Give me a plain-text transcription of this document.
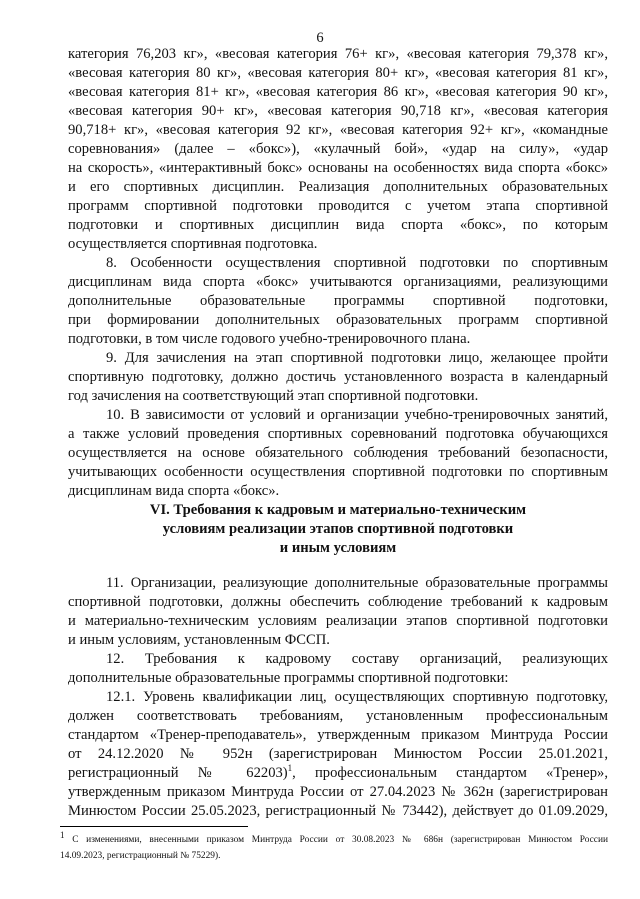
6
категория 76,203 кг», «весовая категория 76+ кг», «весовая категория 79,378 кг»,
«весовая категория 80 кг», «весовая категория 80+ кг», «весовая категория 81 кг»,
«весовая категория 81+ кг», «весовая категория 86 кг», «весовая категория 90 кг»,
«весовая категория 90+ кг», «весовая категория 90,718 кг», «весовая категория
90,718+ кг», «весовая категория 92 кг», «весовая категория 92+ кг», «командные
соревнования» (далее – «бокс»), «кулачный бой», «удар на силу», «удар
на скорость», «интерактивный бокс» основаны на особенностях вида спорта «бокс»
и его спортивных дисциплин. Реализация дополнительных образовательных
программ спортивной подготовки проводится с учетом этапа спортивной
подготовки и спортивных дисциплин вида спорта «бокс», по которым
осуществляется спортивная подготовка.
8. Особенности осуществления спортивной подготовки по спортивным
дисциплинам вида спорта «бокс» учитываются организациями, реализующими
дополнительные образовательные программы спортивной подготовки,
при формировании дополнительных образовательных программ спортивной
подготовки, в том числе годового учебно-тренировочного плана.
9. Для зачисления на этап спортивной подготовки лицо, желающее пройти
спортивную подготовку, должно достичь установленного возраста в календарный
год зачисления на соответствующий этап спортивной подготовки.
10. В зависимости от условий и организации учебно-тренировочных занятий,
а также условий проведения спортивных соревнований подготовка обучающихся
осуществляется на основе обязательного соблюдения требований безопасности,
учитывающих особенности осуществления спортивной подготовки по спортивным
дисциплинам вида спорта «бокс».
VI. Требования к кадровым и материально-техническим
условиям реализации этапов спортивной подготовки
и иным условиям
11. Организации, реализующие дополнительные образовательные программы
спортивной подготовки, должны обеспечить соблюдение требований к кадровым
и материально-техническим условиям реализации этапов спортивной подготовки
и иным условиям, установленным ФССП.
12. Требования к кадровому составу организаций, реализующих
дополнительные образовательные программы спортивной подготовки:
12.1. Уровень квалификации лиц, осуществляющих спортивную подготовку,
должен соответствовать требованиям, установленным профессиональным
стандартом «Тренер-преподаватель», утвержденным приказом Минтруда России
от 24.12.2020 № 952н (зарегистрирован Минюстом России 25.01.2021,
регистрационный № 62203)$^1$, профессиональным стандартом «Тренер»,
утвержденным приказом Минтруда России от 27.04.2023 № 362н (зарегистрирован
Минюстом России 25.05.2023, регистрационный № 73442), действует до 01.09.2029,
$^1$ С изменениями, внесенными приказом Минтруда России от 30.08.2023 № 686н (зарегистрирован Минюстом России
14.09.2023, регистрационный № 75229).
